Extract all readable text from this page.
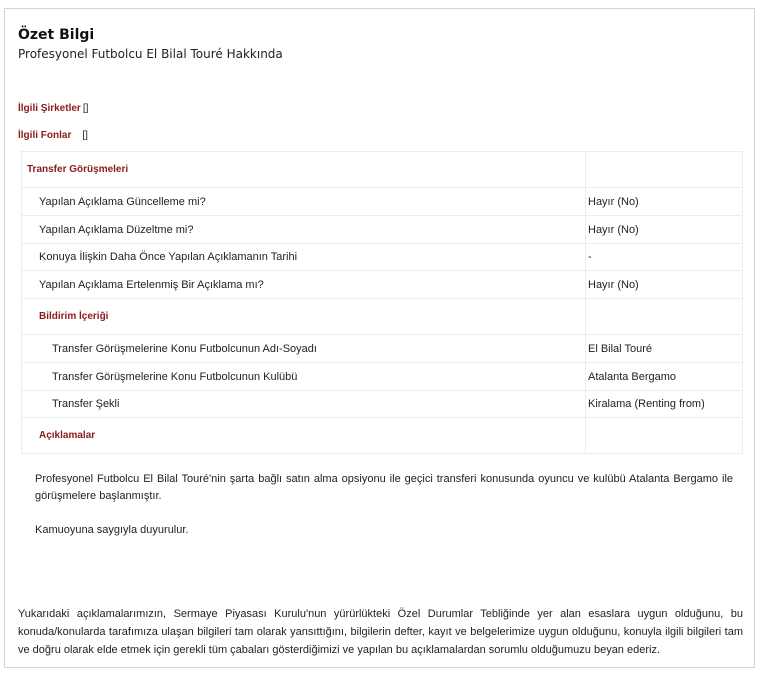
Özet Bilgi
Profesyonel Futbolcu El Bilal Touré Hakkında
İlgili Şirketler []
İlgili Fonlar []
Transfer Görüşmeleri	
Yapılan Açıklama Güncelleme mi?	Hayır (No)
Yapılan Açıklama Düzeltme mi?	Hayır (No)
Konuya İlişkin Daha Önce Yapılan Açıklamanın Tarihi	-
Yapılan Açıklama Ertelenmiş Bir Açıklama mı?	Hayır (No)
Bildirim İçeriği	
Transfer Görüşmelerine Konu Futbolcunun Adı-Soyadı	El Bilal Touré
Transfer Görüşmelerine Konu Futbolcunun Kulübü	Atalanta Bergamo
Transfer Şekli	Kiralama (Renting from)
Açıklamalar	
Profesyonel Futbolcu El Bilal Touré'nin şarta bağlı satın alma opsiyonu ile geçici transferi konusunda oyuncu ve kulübü Atalanta Bergamo ile görüşmelere başlanmıştır.
Kamuoyuna saygıyla duyurulur.
Yukarıdaki açıklamalarımızın, Sermaye Piyasası Kurulu'nun yürürlükteki Özel Durumlar Tebliğinde yer alan esaslara uygun olduğunu, bu konuda/konularda tarafımıza ulaşan bilgileri tam olarak yansıttığını, bilgilerin defter, kayıt ve belgelerimize uygun olduğunu, konuyla ilgili bilgileri tam ve doğru olarak elde etmek için gerekli tüm çabaları gösterdiğimizi ve yapılan bu açıklamalardan sorumlu olduğumuzu beyan ederiz.
